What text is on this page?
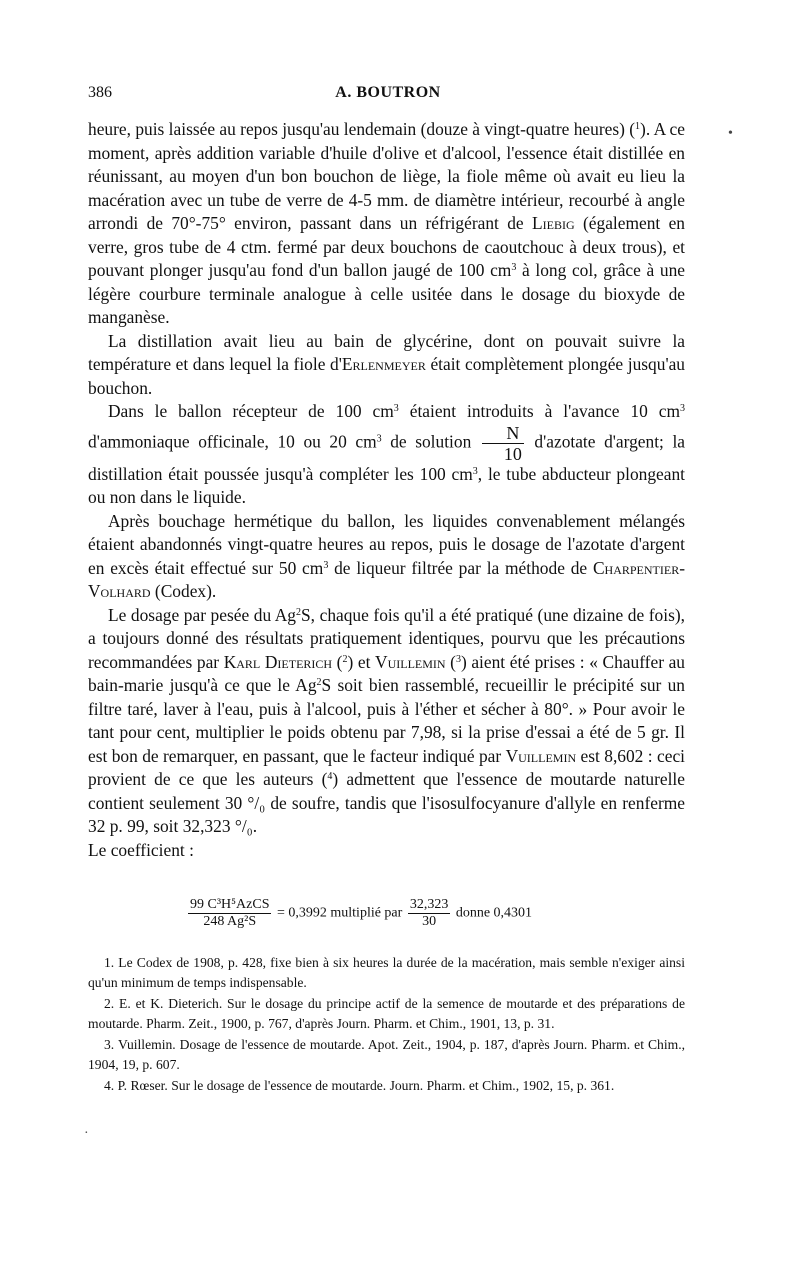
386	A. BOUTRON

heure, puis laissée au repos jusqu'au lendemain (douze à vingt-quatre heures) ($^1$). A ce moment, après addition variable d'huile d'olive et d'alcool, l'essence était distillée en réunissant, au moyen d'un bon bouchon de liège, la fiole même où avait eu lieu la macération avec un tube de verre de 4-5 mm. de diamètre intérieur, recourbé à angle arrondi de 70°-75° environ, passant dans un réfrigérant de Liebig (également en verre, gros tube de 4 ctm. fermé par deux bouchons de caoutchouc à deux trous), et pouvant plonger jusqu'au fond d'un ballon jaugé de 100 $cm^3$ à long col, grâce à une légère courbure terminale analogue à celle usitée dans le dosage du bioxyde de manganèse.

La distillation avait lieu au bain de glycérine, dont on pouvait suivre la température et dans lequel la fiole d'Erlenmeyer était complètement plongée jusqu'au bouchon.

Dans le ballon récepteur de 100 $cm^3$ étaient introduits à l'avance 10 $cm^3$ d'ammoniaque officinale, 10 ou 20 $cm^3$ de solution $\frac{N}{10}$ d'azotate d'argent; la distillation était poussée jusqu'à compléter les 100 $cm^3$, le tube abducteur plongeant ou non dans le liquide.

Après bouchage hermétique du ballon, les liquides convenablement mélangés étaient abandonnés vingt-quatre heures au repos, puis le dosage de l'azotate d'argent en excès était effectué sur 50 $cm^3$ de liqueur filtrée par la méthode de Charpentier-Volhard (Codex).

Le dosage par pesée du Ag$^2$S, chaque fois qu'il a été pratiqué (une dizaine de fois), a toujours donné des résultats pratiquement identiques, pourvu que les précautions recommandées par Karl Dieterich ($^2$) et Vuillemin ($^3$) aient été prises : « Chauffer au bain-marie jusqu'à ce que le Ag$^2$S soit bien rassemblé, recueillir le précipité sur un filtre taré, laver à l'eau, puis à l'alcool, puis à l'éther et sécher à 80°. » Pour avoir le tant pour cent, multiplier le poids obtenu par 7,98, si la prise d'essai a été de 5 gr. Il est bon de remarquer, en passant, que le facteur indiqué par Vuillemin est 8,602 : ceci provient de ce que les auteurs ($^4$) admettent que l'essence de moutarde naturelle contient seulement 30 °/₀ de soufre, tandis que l'isosulfocyanure d'allyle en renferme 32 p. 99, soit 32,323 °/₀.

Le coefficient :

$\frac{\text{99 C³H⁵AzCS}}{\text{248 Ag²S}} = 0,3992$ multiplié par $\frac{32,323}{30}$ donne 0,4301

1. Le Codex de 1908, p. 428, fixe bien à six heures la durée de la macération, mais semble n'exiger ainsi qu'un minimum de temps indispensable.

2. E. et K. Dieterich. Sur le dosage du principe actif de la semence de moutarde et des préparations de moutarde. Pharm. Zeit., 1900, p. 767, d'après Journ. Pharm. et Chim., 1901, 13, p. 31.

3. Vuillemin. Dosage de l'essence de moutarde. Apot. Zeit., 1904, p. 187, d'après Journ. Pharm. et Chim., 1904, 19, p. 607.

4. P. Rœser. Sur le dosage de l'essence de moutarde. Journ. Pharm. et Chim., 1902, 15, p. 361.

•
·
